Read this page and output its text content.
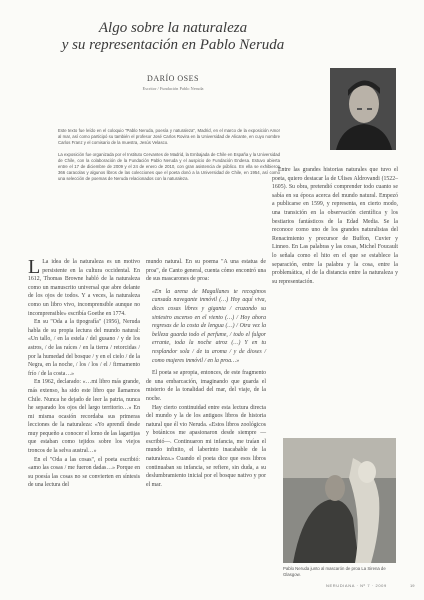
Algo sobre la naturaleza
y su representación en Pablo Neruda
DARÍO OSES
Escritor / Fundación Pablo Neruda

Este texto fue leído en el coloquio "Pablo Neruda, poesía y naturaleza", Madrid, en el marco de la exposición Amor al mar, así como participó su también el profesor José Carlos Rovira en la Universidad de Alicante, en cuyo nombre Carlos Franz y el comisario de la muestra, Jesús Velasco.

La exposición fue organizada por el Instituto Cervantes de Madrid, la Embajada de Chile en España y la Universidad de Chile, con la colaboración de la Fundación Pablo Neruda y el auspicio de Fundación Endesa. Estuvo abierta entre el 17 de diciembre de 2009 y el 24 de enero de 2010, con gran asistencia de público. En ella se exhibieron 366 caracolas y algunos libros de las colecciones que el poeta donó a la Universidad de Chile, en 1954, así como una selección de poemas de Neruda relacionados con la naturaleza.

L La idea de la naturaleza es un motivo persistente en la cultura occidental. En 1612, Thomas Browne habló de la naturaleza como un manuscrito universal que abre delante de los ojos de todos. Y a veces, la naturaleza como un libro vivo, incomprensible aunque no incomprensible» escribía Goethe en 1774.

En su "Oda a la tipografía" (1956), Neruda habla de su propia lectura del mundo natural: «Un tallo, / en la estela / del gusano / y de los astros, / de las raíces / en la tierra / retorcidas / por la humedad del bosque / y en el cielo / de la Negra, en la noche, / los / los / el / firmamento frío / de la costa…»

En 1962, declarado: «…mi libro más grande, más extenso, ha sido este libro que llamamos Chile. Nunca he dejado de leer la patria, nunca he separado los ojos del largo territorio…» En mi misma ocasión recordaba sus primeras lecciones de la naturaleza: «Yo aprendí desde muy pequeño a conocer el lomo de las lagartijas que estaban como tejidos sobre los viejos troncos de la selva austral…»

En el "Oda a las cosas", el poeta escribió: «amo las cosas / me fueron dadas…» Porque en su poesía las cosas no se convierten en síntesis de una lectura del

mundo natural. En su poema "A una estatua de proa", de Canto general, cuenta cómo encontró una de sus mascarones de proa:

«En la arena de Magallanes te recogimos cansada navegante inmóvil (…) Hoy aquí viva, dices cosas libres y giganta / cruzando su siniestro ascenso en el viento (…) / Hoy ahora regresas de la costa de lengua (…) / Otra vez la belleza guarda todo el perfume, / todo el fulgor errante, toda la noche atroz (…) Y en tu resplandor sola / de tu aroma / y de dioses / como mujeres inmóvil / en la proa…»

El poeta se apropia, entonces, de este fragmento de una embarcación, imaginando que guarda el misterio de la tonalidad del mar, del viaje, de la noche.

Hay cierto continuidad entre esta lectura directa del mundo y la de los antiguos libros de historia natural que él vio Neruda. «Estos libros zoológicos y botánicos me apasionaron desde siempre —escribió—. Continuaron mi infancia, me traían el mundo infinito, el laberinto inacabable de la naturaleza.» Cuando el poeta dice que esos libros continuaban su infancia, se refiere, sin duda, a su deslumbramiento inicial por el bosque nativo y por el mar.

Entre las grandes historias naturales que tuvo el poeta, quiero destacar la de Ulises Aldrovandi (1522–1605). Su obra, pretendió comprender todo cuanto se sabía en su época acerca del mundo natural. Empezó a publicarse en 1599, y representa, en cierto modo, una transición en la observación científica y los bestiarios fantásticos de la Edad Media. Se la reconoce como uno de los grandes naturalistas del Renacimiento y precursor de Buffon, Cuvier y Linneo. En Las palabras y las cosas, Michel Foucault lo señala como el hito en el que se establece la separación, entre la palabra y la cosa, entre la problemática, el de la distancia entre la naturaleza y su representación.

Pablo Neruda junto al mascarón de proa La Sirena de Glasgow.
NERUDIANA · Nº 7 · 2009	19
